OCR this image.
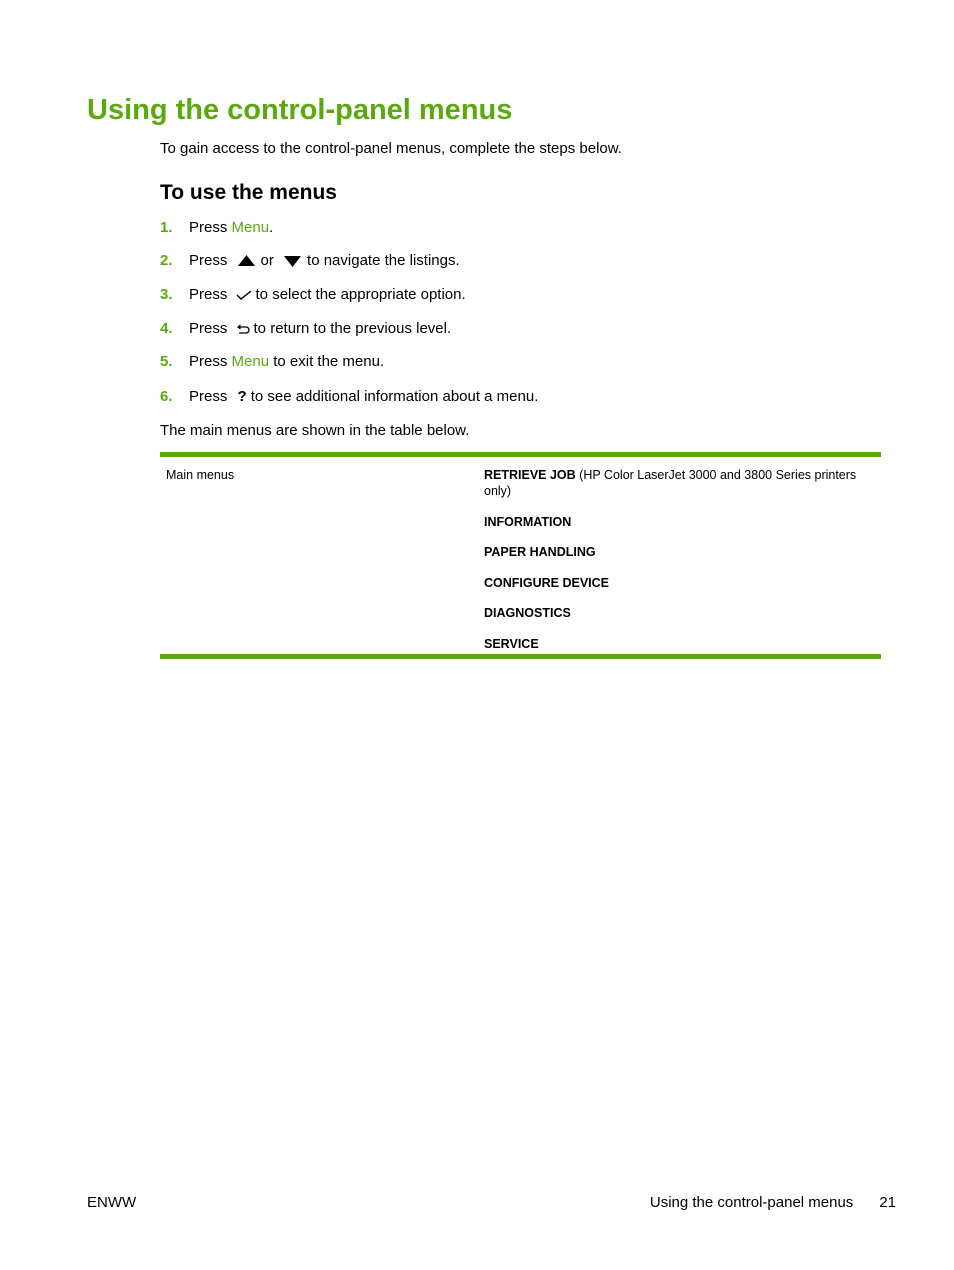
Using the control-panel menus

To gain access to the control-panel menus, complete the steps below.

To use the menus
1.	Press Menu.
2.	Press or to navigate the listings.
3.	Press to select the appropriate option.
4.	Press to return to the previous level.
5.	Press Menu to exit the menu.
6.	Press ? to see additional information about a menu.

The main menus are shown in the table below.

Main menus	RETRIEVE JOB (HP Color LaserJet 3000 and 3800 Series printers only)

INFORMATION

PAPER HANDLING

CONFIGURE DEVICE

DIAGNOSTICS

SERVICE

ENWW	Using the control-panel menus 21
